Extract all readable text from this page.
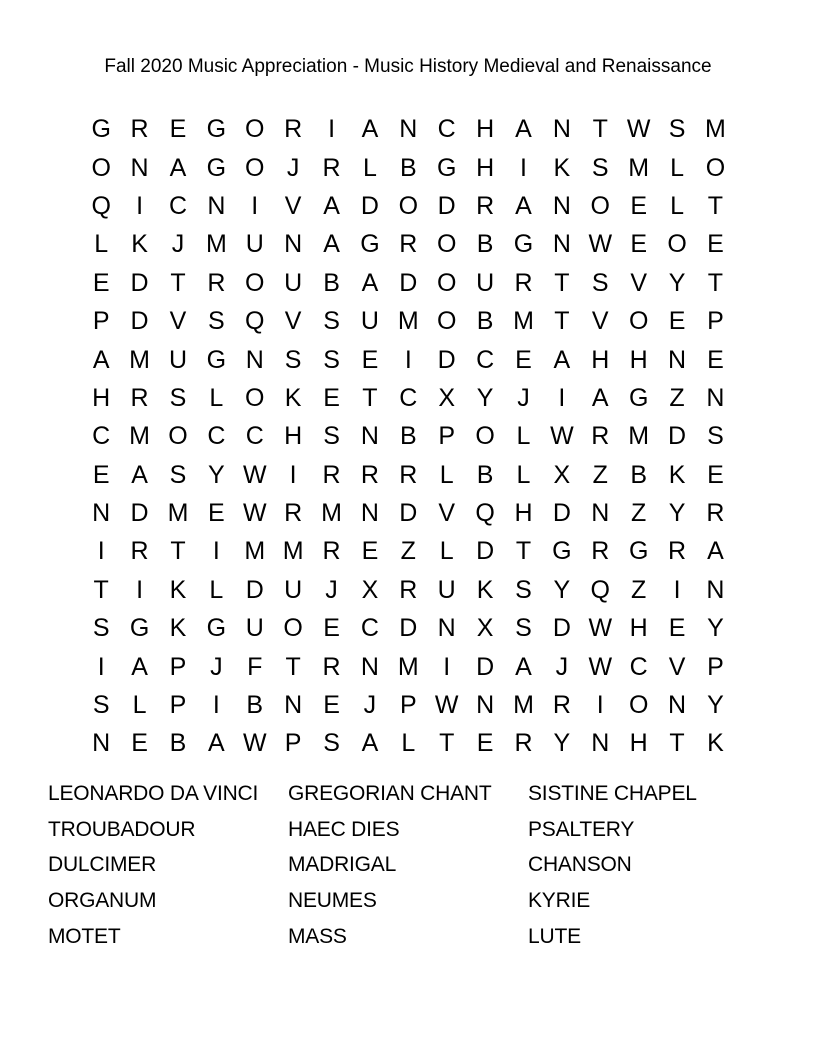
Fall 2020 Music Appreciation - Music History Medieval and Renaissance
G R E G O R	I	A N C H A N T W S M
O N A G O J R L B G H	I	K S M L O
Q	I	C N	I	V A D O D R A N O E L T
L K J M U N A G R O B G N W E O E
E D T R O U B A D O U R T S V Y T
P D V S Q V S U M O B M T V O E P
A M U G N S S E	I	D C E A H H N E
H R S L O K E T C X Y J	I	A G Z N
C M O C C H S N B P O L W R M D S
E A S Y W I	R R R L B L X Z B K E
N D M E W R M N D V Q H D N Z Y R
I	R T	I M M R E Z L D T G R G R A
T	I	K L D U J X R U K S Y Q Z	I	N
S G K G U O E C D N X S D W H E Y
I	A P J F T R N M I	D A J W C V P
S L P	I	B N E J P W N M R	I	O N Y
N E B A W P S A L T E R Y N H T K
LEONARDO DA VINCI	GREGORIAN CHANT	SISTINE CHAPEL
TROUBADOUR	HAEC DIES	PSALTERY
DULCIMER	MADRIGAL	CHANSON
ORGANUM	NEUMES	KYRIE
MOTET	MASS	LUTE
